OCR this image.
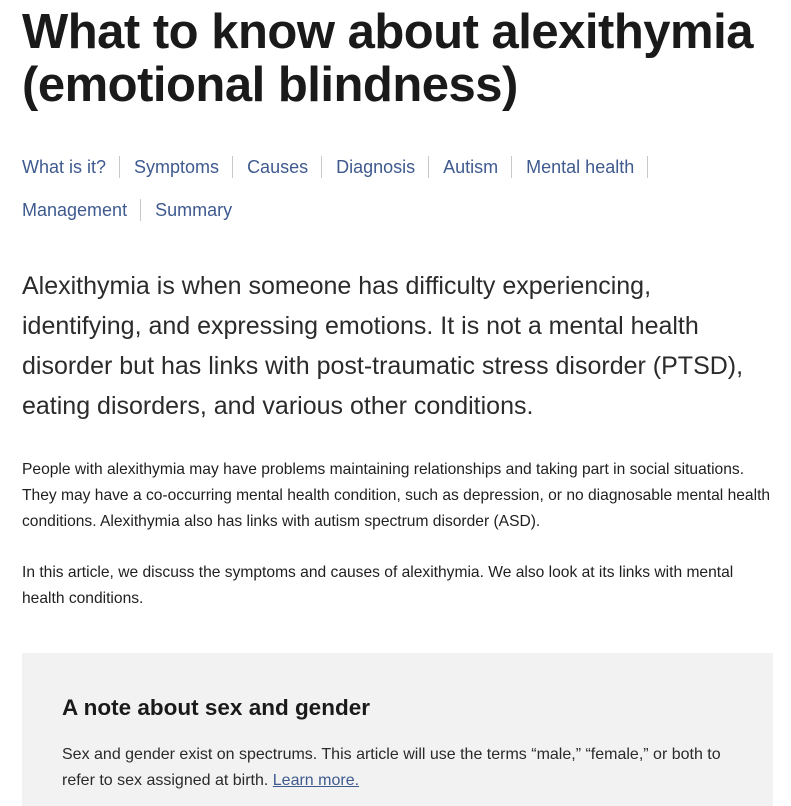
What to know about alexithymia (emotional blindness)
What is it? Symptoms Causes Diagnosis Autism Mental health
Management Summary

Alexithymia is when someone has difficulty experiencing, identifying, and expressing emotions. It is not a mental health disorder but has links with post-traumatic stress disorder (PTSD), eating disorders, and various other conditions.

People with alexithymia may have problems maintaining relationships and taking part in social situations. They may have a co-occurring mental health condition, such as depression, or no diagnosable mental health conditions. Alexithymia also has links with autism spectrum disorder (ASD).

In this article, we discuss the symptoms and causes of alexithymia. We also look at its links with mental health conditions.

A note about sex and gender

Sex and gender exist on spectrums. This article will use the terms “male,” “female,” or both to refer to sex assigned at birth. Learn more.
